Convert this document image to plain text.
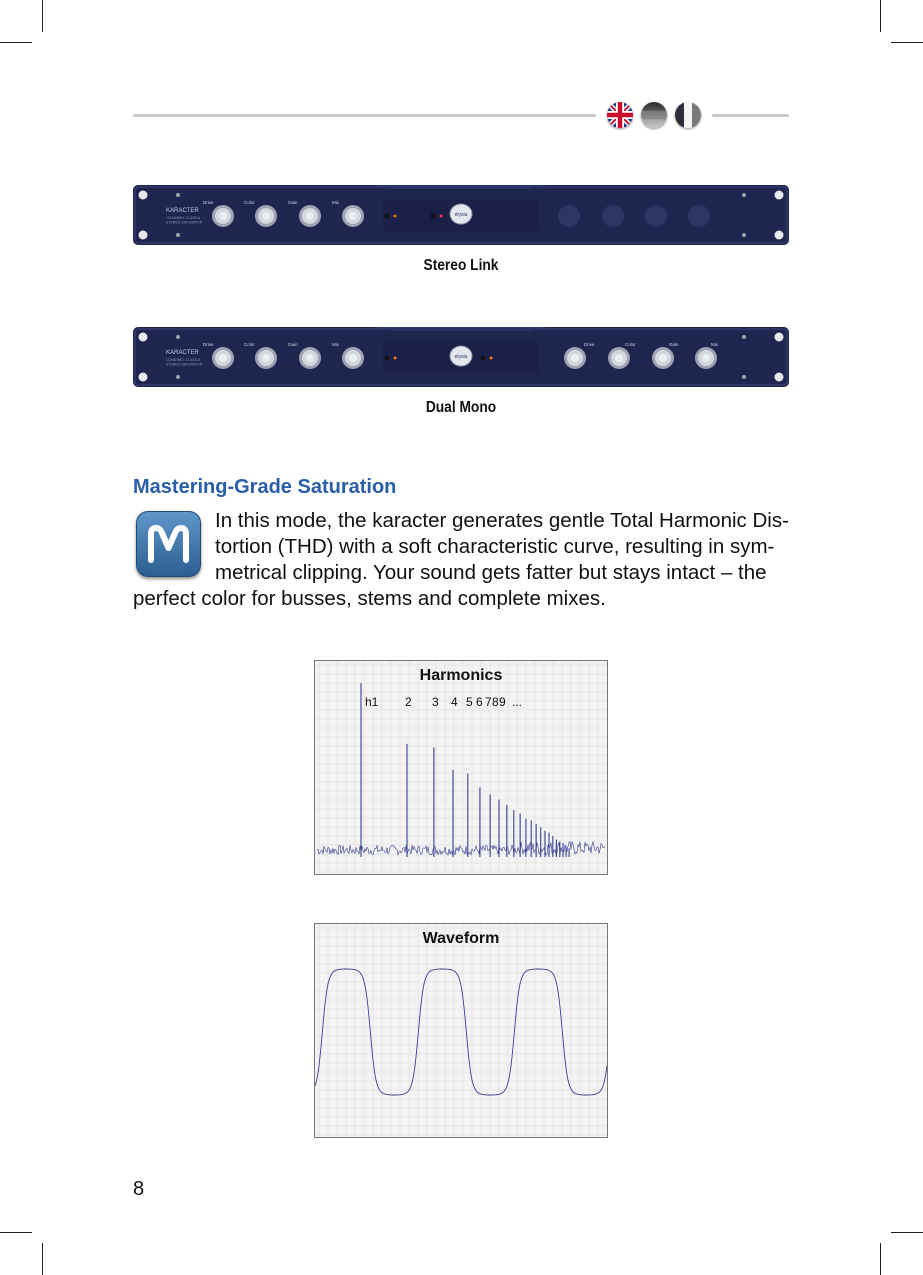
KARACTER
1CHANNEL CLASS A
STEREO SATURATOR
Drive	Color	Gain	Mix
elysia
Stereo Link
KARACTER
1CHANNEL CLASS A
STEREO SATURATOR
Drive	Color	Gain	Mix	Drive	Color	Gain	Mix
elysia
Dual Mono
Mastering-Grade Saturation
In this mode, the karacter generates gentle Total Harmonic Dis-
tortion (THD) with a soft characteristic curve, resulting in sym-
metrical clipping. Your sound gets fatter but stays intact – the
perfect color for busses, stems and complete mixes.
Harmonics
h1 2 3 4 5 6 7 8 9 ...
Waveform
8
